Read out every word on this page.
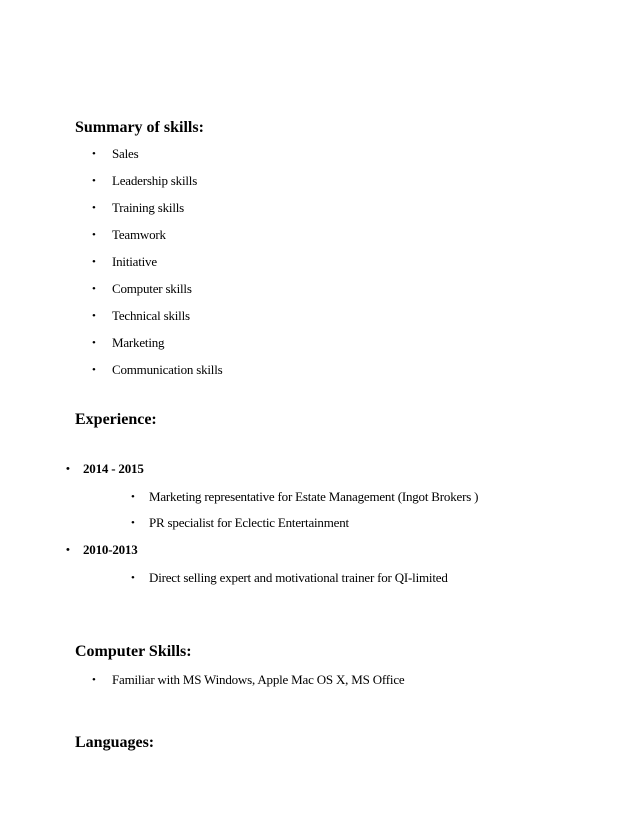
Summary of skills:
• Sales
• Leadership skills
• Training skills
• Teamwork
• Initiative
• Computer skills
• Technical skills
• Marketing
• Communication skills
Experience:
• 2014 - 2015
• Marketing representative for Estate Management (Ingot Brokers )
• PR specialist for Eclectic Entertainment
• 2010-2013
• Direct selling expert and motivational trainer for QI-limited
Computer Skills:
• Familiar with MS Windows, Apple Mac OS X, MS Office
Languages:
